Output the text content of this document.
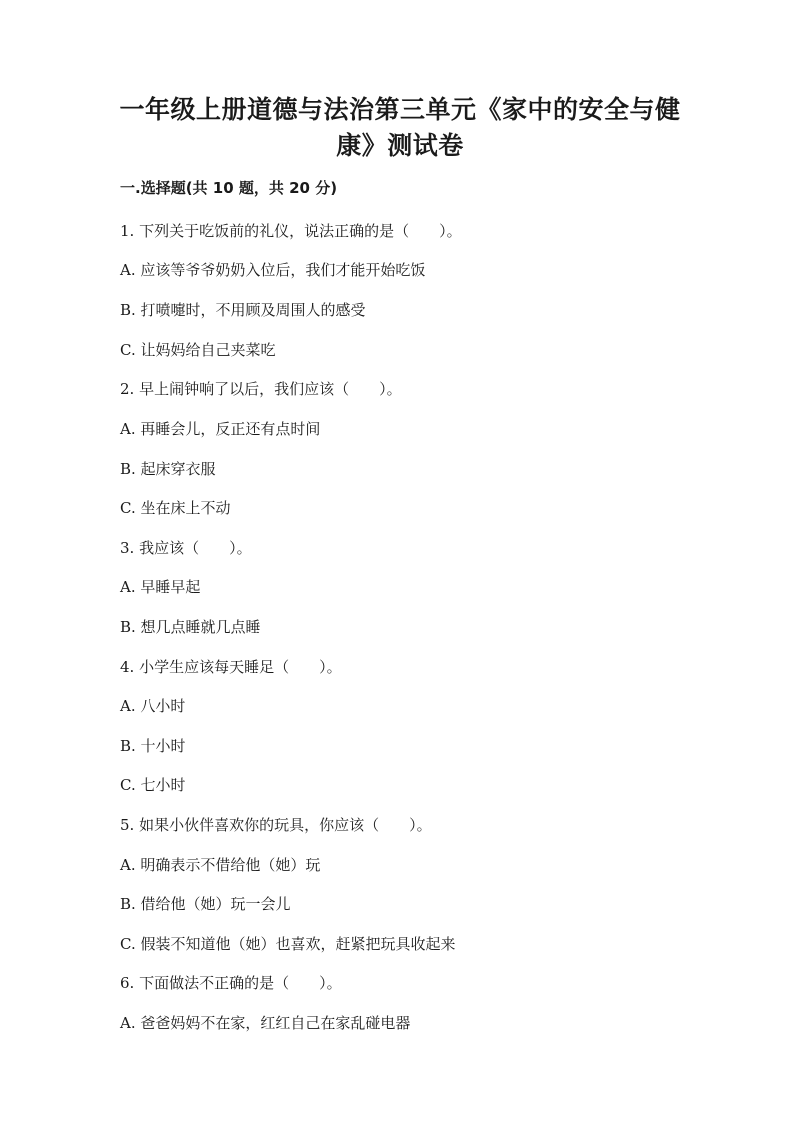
一年级上册道德与法治第三单元《家中的安全与健康》测试卷
一.选择题(共 10 题，共 20 分)
1. 下列关于吃饭前的礼仪，说法正确的是（　　）。
A. 应该等爷爷奶奶入位后，我们才能开始吃饭
B. 打喷嚏时，不用顾及周围人的感受
C. 让妈妈给自己夹菜吃
2. 早上闹钟响了以后，我们应该（　　）。
A. 再睡会儿，反正还有点时间
B. 起床穿衣服
C. 坐在床上不动
3. 我应该（　　）。
A. 早睡早起
B. 想几点睡就几点睡
4. 小学生应该每天睡足（　　）。
A. 八小时
B. 十小时
C. 七小时
5. 如果小伙伴喜欢你的玩具，你应该（　　）。
A. 明确表示不借给他（她）玩
B. 借给他（她）玩一会儿
C. 假装不知道他（她）也喜欢，赶紧把玩具收起来
6. 下面做法不正确的是（　　）。
A. 爸爸妈妈不在家，红红自己在家乱碰电器
